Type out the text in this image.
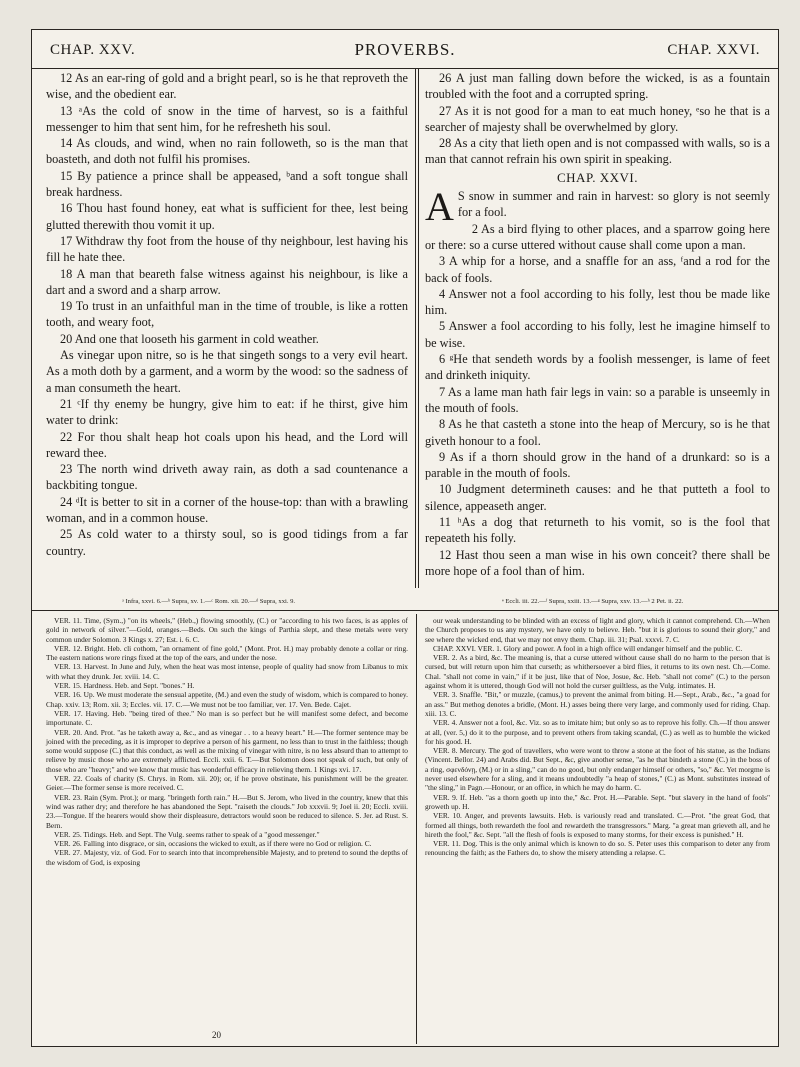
CHAP. XXV.	PROVERBS.	CHAP. XXVI.

12 As an ear-ring of gold and a bright pearl, so is he that reproveth the wise, and the obedient ear.

13 ᵃAs the cold of snow in the time of harvest, so is a faithful messenger to him that sent him, for he refresheth his soul.

14 As clouds, and wind, when no rain followeth, so is the man that boasteth, and doth not fulfil his promises.

15 By patience a prince shall be appeased, ᵇand a soft tongue shall break hardness.

16 Thou hast found honey, eat what is sufficient for thee, lest being glutted therewith thou vomit it up.

17 Withdraw thy foot from the house of thy neighbour, lest having his fill he hate thee.

18 A man that beareth false witness against his neighbour, is like a dart and a sword and a sharp arrow.

19 To trust in an unfaithful man in the time of trouble, is like a rotten tooth, and weary foot,

20 And one that looseth his garment in cold weather.

As vinegar upon nitre, so is he that singeth songs to a very evil heart. As a moth doth by a garment, and a worm by the wood: so the sadness of a man consumeth the heart.

21 ᶜIf thy enemy be hungry, give him to eat: if he thirst, give him water to drink:

22 For thou shalt heap hot coals upon his head, and the Lord will reward thee.

23 The north wind driveth away rain, as doth a sad countenance a backbiting tongue.

24 ᵈIt is better to sit in a corner of the house-top: than with a brawling woman, and in a common house.

25 As cold water to a thirsty soul, so is good tidings from a far country.

26 A just man falling down before the wicked, is as a fountain troubled with the foot and a corrupted spring.

27 As it is not good for a man to eat much honey, ᵉso he that is a searcher of majesty shall be overwhelmed by glory.

28 As a city that lieth open and is not compassed with walls, so is a man that cannot refrain his own spirit in speaking.

CHAP. XXVI.

A S snow in summer and rain in harvest: so glory is not seemly for a fool.

2 As a bird flying to other places, and a sparrow going here or there: so a curse uttered without cause shall come upon a man.

3 A whip for a horse, and a snaffle for an ass, ᶠand a rod for the back of fools.

4 Answer not a fool according to his folly, lest thou be made like him.

5 Answer a fool according to his folly, lest he imagine himself to be wise.

6 ᵍHe that sendeth words by a foolish messenger, is lame of feet and drinketh iniquity.

7 As a lame man hath fair legs in vain: so a parable is unseemly in the mouth of fools.

8 As he that casteth a stone into the heap of Mercury, so is he that giveth honour to a fool.

9 As if a thorn should grow in the hand of a drunkard: so is a parable in the mouth of fools.

10 Judgment determineth causes: and he that putteth a fool to silence, appeaseth anger.

11 ʰAs a dog that returneth to his vomit, so is the fool that repeateth his folly.

12 Hast thou seen a man wise in his own conceit? there shall be more hope of a fool than of him.

ᵃ Infra, xxvi. 6.—ᵇ Supra, xv. 1.—ᶜ Rom. xii. 20.—ᵈ Supra, xxi. 9.	ᵉ Eccli. iii. 22.—ᶠ Supra, xxiii. 13.—ᵍ Supra, xxv. 13.—ʰ 2 Pet. ii. 22.

VER. 11. Time, (Sym.,) "on its wheels," (Heb.,) flowing smoothly, (C.) or "according to his two faces, is as apples of gold in network of silver."—Gold, oranges.—Beds. On such the kings of Parthia slept, and these metals were very common under Solomon. 3 Kings x. 27; Est. i. 6. C.

VER. 12. Bright. Heb. cli cothom, "an ornament of fine gold," (Mont. Prot. H.) may probably denote a collar or ring. The eastern nations wore rings fixed at the top of the ears, and under the nose.

VER. 13. Harvest. In June and July, when the heat was most intense, people of quality had snow from Libanus to mix with what they drunk. Jer. xviii. 14. C.

VER. 15. Hardness. Heb. and Sept. "bones." H.

VER. 16. Up. We must moderate the sensual appetite, (M.) and even the study of wisdom, which is compared to honey. Chap. xxiv. 13; Rom. xii. 3; Eccles. vii. 17. C.—We must not be too familiar, ver. 17. Ven. Bede. Cajet.

VER. 17. Having. Heb. "being tired of thee." No man is so perfect but he will manifest some defect, and become importunate. C.

VER. 20. And. Prot. "as he taketh away a, &c., and as vinegar . . to a heavy heart." H.—The former sentence may be joined with the preceding, as it is improper to deprive a person of his garment, no less than to trust in the faithless; though some would suppose (C.) that this conduct, as well as the mixing of vinegar with nitre, is no less absurd than to attempt to relieve by music those who are extremely afflicted. Eccli. xxii. 6. T.—But Solomon does not speak of such, but only of those who are "heavy;" and we know that music has wonderful efficacy in relieving them. 1 Kings xvi. 17.

VER. 22. Coals of charity (S. Chrys. in Rom. xii. 20); or, if he prove obstinate, his punishment will be the greater. Geier.—The former sense is more received. C.

VER. 23. Rain (Sym. Prot.); or marg. "bringeth forth rain." H.—But S. Jerom, who lived in the country, knew that this wind was rather dry; and therefore he has abandoned the Sept. "raiseth the clouds." Job xxxvii. 9; Joel ii. 20; Eccli. xviii. 23.—Tongue. If the hearers would show their displeasure, detractors would soon be reduced to silence. S. Jer. ad Rust. S. Bern.

VER. 25. Tidings. Heb. and Sept. The Vulg. seems rather to speak of a "good messenger."

VER. 26. Falling into disgrace, or sin, occasions the wicked to exult, as if there were no God or religion. C.

VER. 27. Majesty, viz. of God. For to search into that incomprehensible Majesty, and to pretend to sound the depths of the wisdom of God, is exposing

our weak understanding to be blinded with an excess of light and glory, which it cannot comprehend. Ch.—When the Church proposes to us any mystery, we have only to believe. Heb. "but it is glorious to sound their glory," and see where the wicked end, that we may not envy them. Chap. iii. 31; Psal. xxxvi. 7. C.

CHAP. XXVI. VER. 1. Glory and power. A fool in a high office will endanger himself and the public. C.

VER. 2. As a bird, &c. The meaning is, that a curse uttered without cause shall do no harm to the person that is cursed, but will return upon him that curseth; as whithersoever a bird flies, it returns to its own nest. Ch.—Come. Chal. "shall not come in vain," if it be just, like that of Noe, Josue, &c. Heb. "shall not come" (C.) to the person against whom it is uttered, though God will not hold the curser guiltless, as the Vulg. intimates. H.

VER. 3. Snaffle. "Bit," or muzzle, (camus,) to prevent the animal from biting. H.—Sept., Arab., &c., "a goad for an ass." But methog denotes a bridle, (Mont. H.) asses being there very large, and commonly used for riding. Chap. xiii. 13. C.

VER. 4. Answer not a fool, &c. Viz. so as to imitate him; but only so as to reprove his folly. Ch.—If thou answer at all, (ver. 5,) do it to the purpose, and to prevent others from taking scandal, (C.) as well as to humble the wicked for his good. H.

VER. 8. Mercury. The god of travellers, who were wont to throw a stone at the foot of his statue, as the Indians (Vincent. Bellor. 24) and Arabs did. But Sept., &c, give another sense, "as he that bindeth a stone (C.) in the boss of a ring, σφενδόνῃ, (M.) or in a sling," can do no good, but only endanger himself or others, "so," &c. Yet morgme is never used elsewhere for a sling, and it means undoubtedly "a heap of stones," (C.) as Mont. substitutes instead of "the sling," in Pagn.—Honour, or an office, in which he may do harm. C.

VER. 9. If. Heb. "as a thorn goeth up into the," &c. Prot. H.—Parable. Sept. "but slavery in the hand of fools" groweth up. H.

VER. 10. Anger, and prevents lawsuits. Heb. is variously read and translated. C.—Prot. "the great God, that formed all things, both rewardeth the fool and rewardeth the transgressors." Marg. "a great man grieveth all, and he hireth the fool," &c. Sept. "all the flesh of fools is exposed to many storms, for their excess is punished." H.

VER. 11. Dog. This is the only animal which is known to do so. S. Peter uses this comparison to deter any from renouncing the faith; as the Fathers do, to show the misery attending a relapse. C.

20
